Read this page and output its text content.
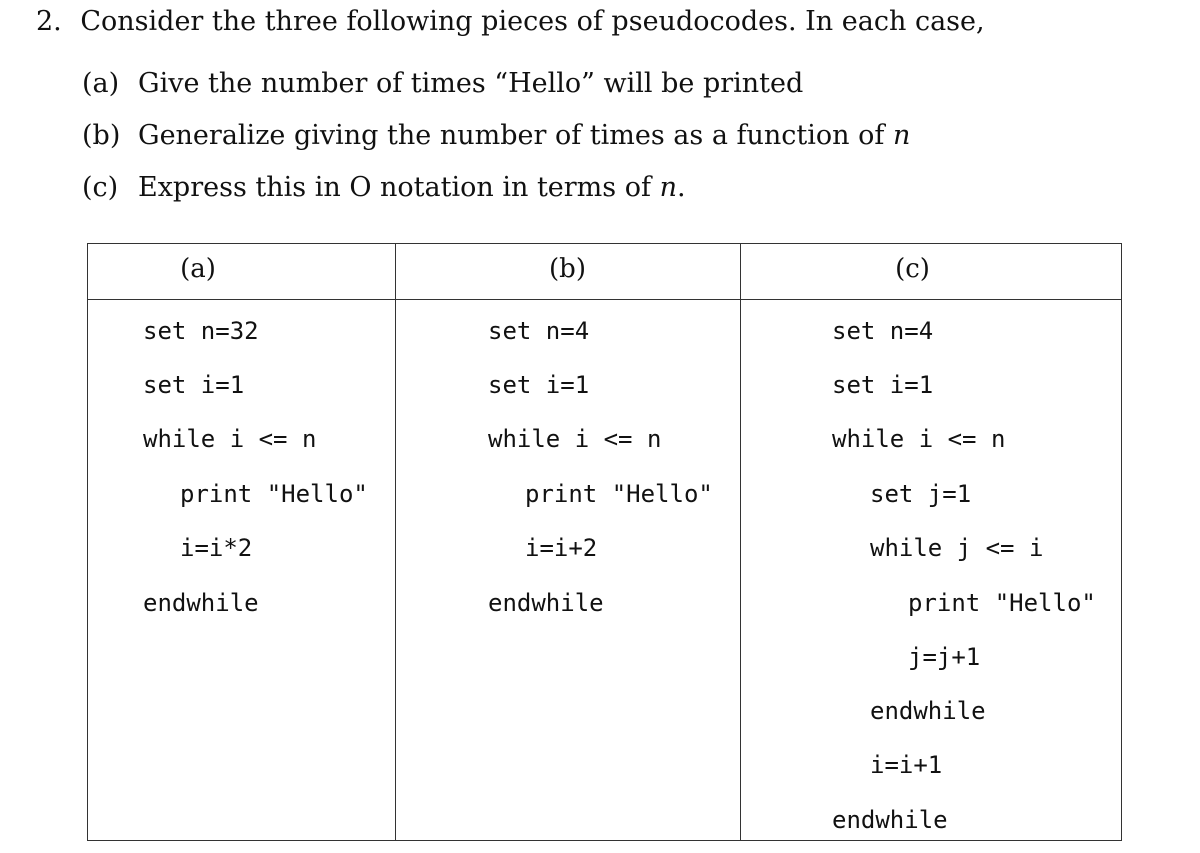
2. Consider the three following pieces of pseudocodes. In each case,
(a) Give the number of times “Hello” will be printed
(b) Generalize giving the number of times as a function of n
(c) Express this in O notation in terms of n.
(a)	(b)	(c)
set n=32
set i=1
while i <= n
print "Hello"
i=i*2
endwhile
set n=4
set i=1
while i <= n
print "Hello"
i=i+2
endwhile
set n=4
set i=1
while i <= n
set j=1
while j <= i
print "Hello"
j=j+1
endwhile
i=i+1
endwhile
